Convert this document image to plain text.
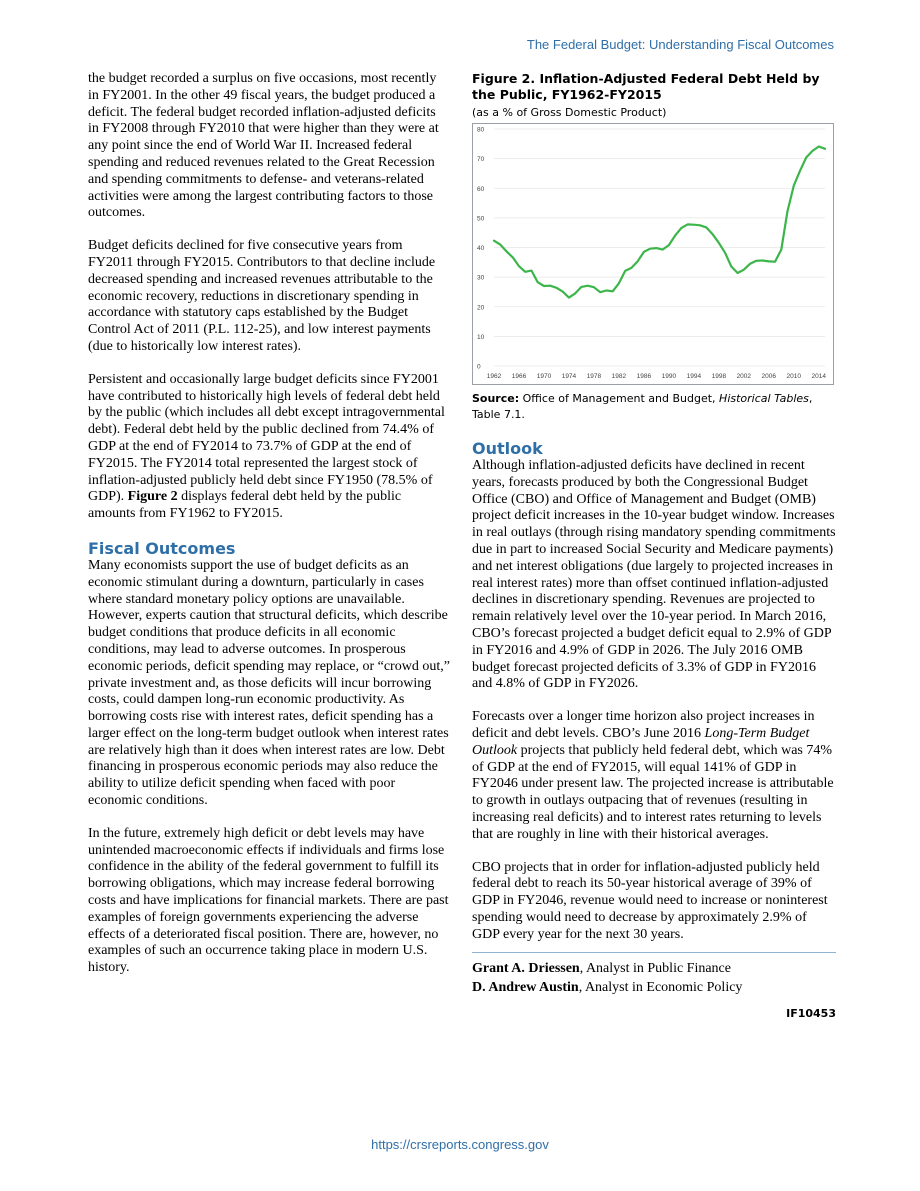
The Federal Budget: Understanding Fiscal Outcomes

the budget recorded a surplus on five occasions, most recently in FY2001. In the other 49 fiscal years, the budget produced a deficit. The federal budget recorded inflation-adjusted deficits in FY2008 through FY2010 that were higher than they were at any point since the end of World War II. Increased federal spending and reduced revenues related to the Great Recession and spending commitments to defense- and veterans-related activities were among the largest contributing factors to those outcomes.

Budget deficits declined for five consecutive years from FY2011 through FY2015. Contributors to that decline include decreased spending and increased revenues attributable to the economic recovery, reductions in discretionary spending in accordance with statutory caps established by the Budget Control Act of 2011 (P.L. 112-25), and low interest payments (due to historically low interest rates).

Persistent and occasionally large budget deficits since FY2001 have contributed to historically high levels of federal debt held by the public (which includes all debt except intragovernmental debt). Federal debt held by the public declined from 74.4% of GDP at the end of FY2014 to 73.7% of GDP at the end of FY2015. The FY2014 total represented the largest stock of inflation-adjusted publicly held debt since FY1950 (78.5% of GDP). Figure 2 displays federal debt held by the public amounts from FY1962 to FY2015.

Fiscal Outcomes

Many economists support the use of budget deficits as an economic stimulant during a downturn, particularly in cases where standard monetary policy options are unavailable. However, experts caution that structural deficits, which describe budget conditions that produce deficits in all economic conditions, may lead to adverse outcomes. In prosperous economic periods, deficit spending may replace, or “crowd out,” private investment and, as those deficits will incur borrowing costs, could dampen long-run economic productivity. As borrowing costs rise with interest rates, deficit spending has a larger effect on the long-term budget outlook when interest rates are relatively high than it does when interest rates are low. Debt financing in prosperous economic periods may also reduce the ability to utilize deficit spending when faced with poor economic conditions.

In the future, extremely high deficit or debt levels may have unintended macroeconomic effects if individuals and firms lose confidence in the ability of the federal government to fulfill its borrowing obligations, which may increase federal borrowing costs and have implications for financial markets. There are past examples of foreign governments experiencing the adverse effects of a deteriorated fiscal position. There are, however, no examples of such an occurrence taking place in modern U.S. history.

Figure 2. Inflation-Adjusted Federal Debt Held by the Public, FY1962-FY2015
(as a % of Gross Domestic Product)
0
10
20
30
40
50
60
70
80
1962 1966 1970 1974 1978 1982 1986 1990 1994 1998 2002 2006 2010 2014
Source: Office of Management and Budget, Historical Tables, Table 7.1.
Outlook

Although inflation-adjusted deficits have declined in recent years, forecasts produced by both the Congressional Budget Office (CBO) and Office of Management and Budget (OMB) project deficit increases in the 10-year budget window. Increases in real outlays (through rising mandatory spending commitments due in part to increased Social Security and Medicare payments) and net interest obligations (due largely to projected increases in real interest rates) more than offset continued inflation-adjusted declines in discretionary spending. Revenues are projected to remain relatively level over the 10-year period. In March 2016, CBO’s forecast projected a budget deficit equal to 2.9% of GDP in FY2016 and 4.9% of GDP in 2026. The July 2016 OMB budget forecast projected deficits of 3.3% of GDP in FY2016 and 4.8% of GDP in FY2026.

Forecasts over a longer time horizon also project increases in deficit and debt levels. CBO’s June 2016 Long-Term Budget Outlook projects that publicly held federal debt, which was 74% of GDP at the end of FY2015, will equal 141% of GDP in FY2046 under present law. The projected increase is attributable to growth in outlays outpacing that of revenues (resulting in increasing real deficits) and to interest rates returning to levels that are roughly in line with their historical averages.

CBO projects that in order for inflation-adjusted publicly held federal debt to reach its 50-year historical average of 39% of GDP in FY2046, revenue would need to increase or noninterest spending would need to decrease by approximately 2.9% of GDP every year for the next 30 years.

Grant A. Driessen, Analyst in Public Finance
D. Andrew Austin, Analyst in Economic Policy
IF10453
https://crsreports.congress.gov
